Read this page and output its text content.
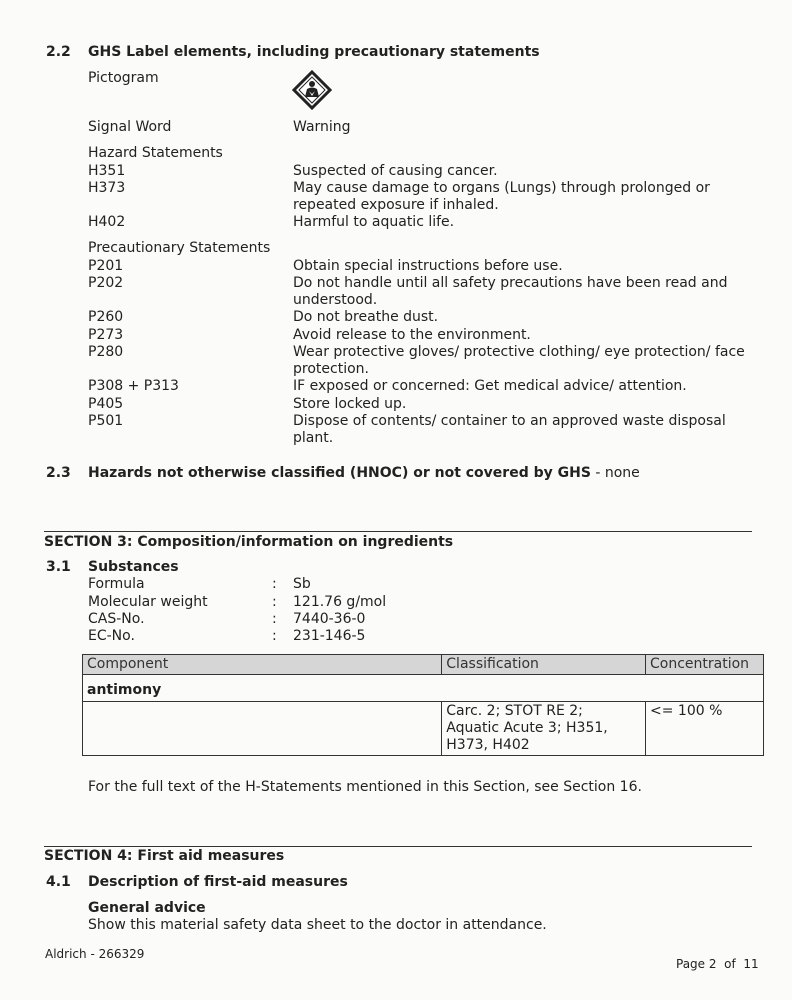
2.2 GHS Label elements, including precautionary statements
Pictogram
Signal Word	Warning
Hazard Statements
H351	Suspected of causing cancer.
H373	May cause damage to organs (Lungs) through prolonged or
repeated exposure if inhaled.
H402	Harmful to aquatic life.
Precautionary Statements
P201	Obtain special instructions before use.
P202	Do not handle until all safety precautions have been read and
understood.
P260	Do not breathe dust.
P273	Avoid release to the environment.
P280	Wear protective gloves/ protective clothing/ eye protection/ face
protection.
P308 + P313	IF exposed or concerned: Get medical advice/ attention.
P405	Store locked up.
P501	Dispose of contents/ container to an approved waste disposal
plant.
2.3 Hazards not otherwise classified (HNOC) or not covered by GHS - none
SECTION 3: Composition/information on ingredients
3.1 Substances
Formula	: Sb
Molecular weight	: 121.76 g/mol
CAS-No.	: 7440-36-0
EC-No.	: 231-146-5
Component	Classification	Concentration
antimony		

	Carc. 2; STOT RE 2;
Aquatic Acute 3; H351,
H373, H402	<= 100 %
For the full text of the H-Statements mentioned in this Section, see Section 16.
SECTION 4: First aid measures
4.1 Description of first-aid measures
General advice
Show this material safety data sheet to the doctor in attendance.
Aldrich - 266329
Page 2  of  11
